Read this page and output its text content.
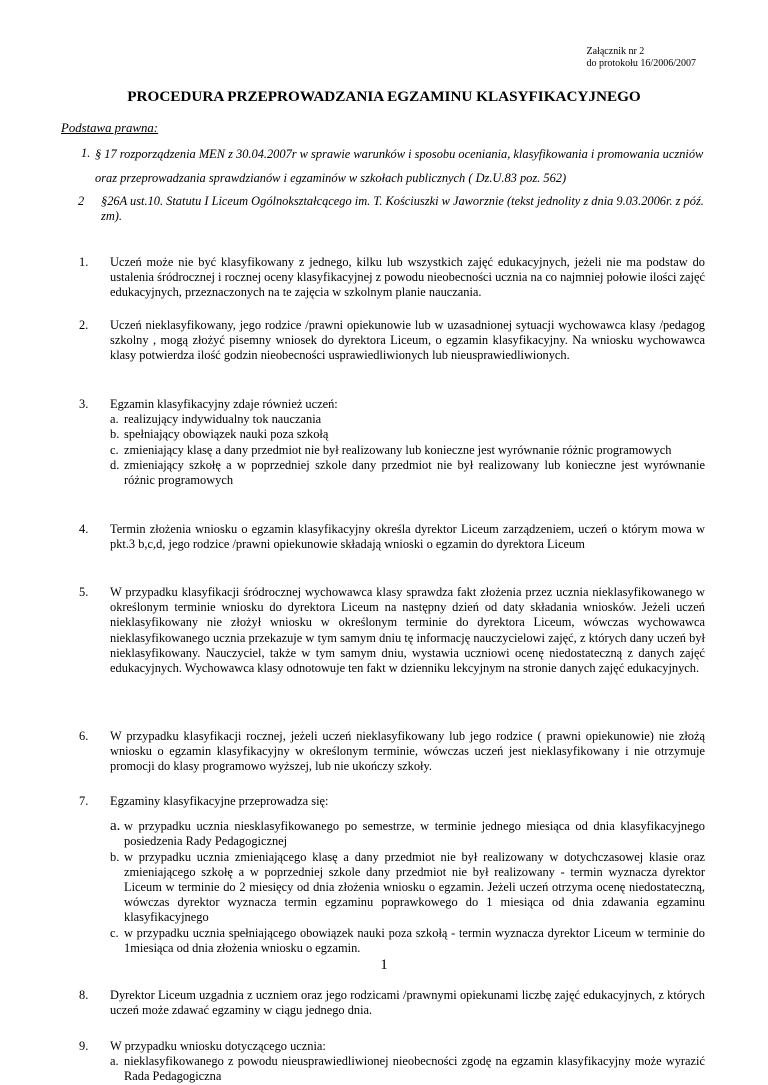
Załącznik nr 2
do protokołu 16/2006/2007
PROCEDURA PRZEPROWADZANIA EGZAMINU KLASYFIKACYJNEGO
Podstawa prawna:
1. § 17 rozporządzenia MEN z 30.04.2007r w sprawie warunków i sposobu oceniania, klasyfikowania i promowania uczniów oraz przeprowadzania sprawdzianów i egzaminów w szkołach publicznych ( Dz.U.83 poz. 562)
2	§26A ust.10. Statutu I Liceum Ogólnokształcącego im. T. Kościuszki w Jaworznie (tekst jednolity z dnia 9.03.2006r. z póź. zm).
1.	Uczeń może nie być klasyfikowany z jednego, kilku lub wszystkich zajęć edukacyjnych, jeżeli nie ma podstaw do ustalenia śródrocznej i rocznej oceny klasyfikacyjnej z powodu nieobecności ucznia na co najmniej połowie ilości zajęć edukacyjnych, przeznaczonych na te zajęcia w szkolnym planie nauczania.
2.	Uczeń nieklasyfikowany, jego rodzice /prawni opiekunowie lub w uzasadnionej sytuacji wychowawca klasy /pedagog szkolny , mogą złożyć pisemny wniosek do dyrektora Liceum, o egzamin klasyfikacyjny. Na wniosku wychowawca klasy potwierdza ilość godzin nieobecności usprawiedliwionych lub nieusprawiedliwionych.
3.	Egzamin klasyfikacyjny zdaje również uczeń:
a. realizujący indywidualny tok nauczania
b. spełniający obowiązek nauki poza szkołą
c. zmieniający klasę a dany przedmiot nie był realizowany lub konieczne jest wyrównanie różnic programowych
d. zmieniający szkołę a w poprzedniej szkole dany przedmiot nie był realizowany lub konieczne jest wyrównanie różnic programowych
4.	Termin złożenia wniosku o egzamin klasyfikacyjny określa dyrektor Liceum zarządzeniem, uczeń o którym mowa w pkt.3 b,c,d, jego rodzice /prawni opiekunowie składają wnioski o egzamin do dyrektora Liceum
5.	W przypadku klasyfikacji śródrocznej wychowawca klasy sprawdza fakt złożenia przez ucznia nieklasyfikowanego w określonym terminie wniosku do dyrektora Liceum na następny dzień od daty składania wniosków. Jeżeli uczeń nieklasyfikowany nie złożył wniosku w określonym terminie do dyrektora Liceum, wówczas wychowawca nieklasyfikowanego ucznia przekazuje w tym samym dniu tę informację nauczycielowi zajęć, z których dany uczeń był nieklasyfikowany. Nauczyciel, także w tym samym dniu, wystawia uczniowi ocenę niedostateczną z danych zajęć edukacyjnych. Wychowawca klasy odnotowuje ten fakt w dzienniku lekcyjnym na stronie danych zajęć edukacyjnych.
6.	W przypadku klasyfikacji rocznej, jeżeli uczeń nieklasyfikowany lub jego rodzice ( prawni opiekunowie) nie złożą wniosku o egzamin klasyfikacyjny w określonym terminie, wówczas uczeń jest nieklasyfikowany i nie otrzymuje promocji do klasy programowo wyższej, lub nie ukończy szkoły.
7.	Egzaminy klasyfikacyjne przeprowadza się:
a. w przypadku ucznia niesklasyfikowanego po semestrze, w terminie jednego miesiąca od dnia klasyfikacyjnego posiedzenia Rady Pedagogicznej
b. w przypadku ucznia zmieniającego klasę a dany przedmiot nie był realizowany w dotychczasowej klasie oraz zmieniającego szkołę a w poprzedniej szkole dany przedmiot nie był realizowany - termin wyznacza dyrektor Liceum w terminie do 2 miesięcy od dnia złożenia wniosku o egzamin. Jeżeli uczeń otrzyma ocenę niedostateczną, wówczas dyrektor wyznacza termin egzaminu poprawkowego do 1 miesiąca od dnia zdawania egzaminu klasyfikacyjnego
c. w przypadku ucznia spełniającego obowiązek nauki poza szkołą - termin wyznacza dyrektor Liceum w terminie do 1miesiąca od dnia złożenia wniosku o egzamin.
8.	Dyrektor Liceum uzgadnia z uczniem oraz jego rodzicami /prawnymi opiekunami liczbę zajęć edukacyjnych, z których uczeń może zdawać egzaminy w ciągu jednego dnia.
9.	W przypadku wniosku dotyczącego ucznia:
a. nieklasyfikowanego z powodu nieusprawiedliwionej nieobecności zgodę na egzamin klasyfikacyjny może wyrazić Rada Pedagogiczna
1
